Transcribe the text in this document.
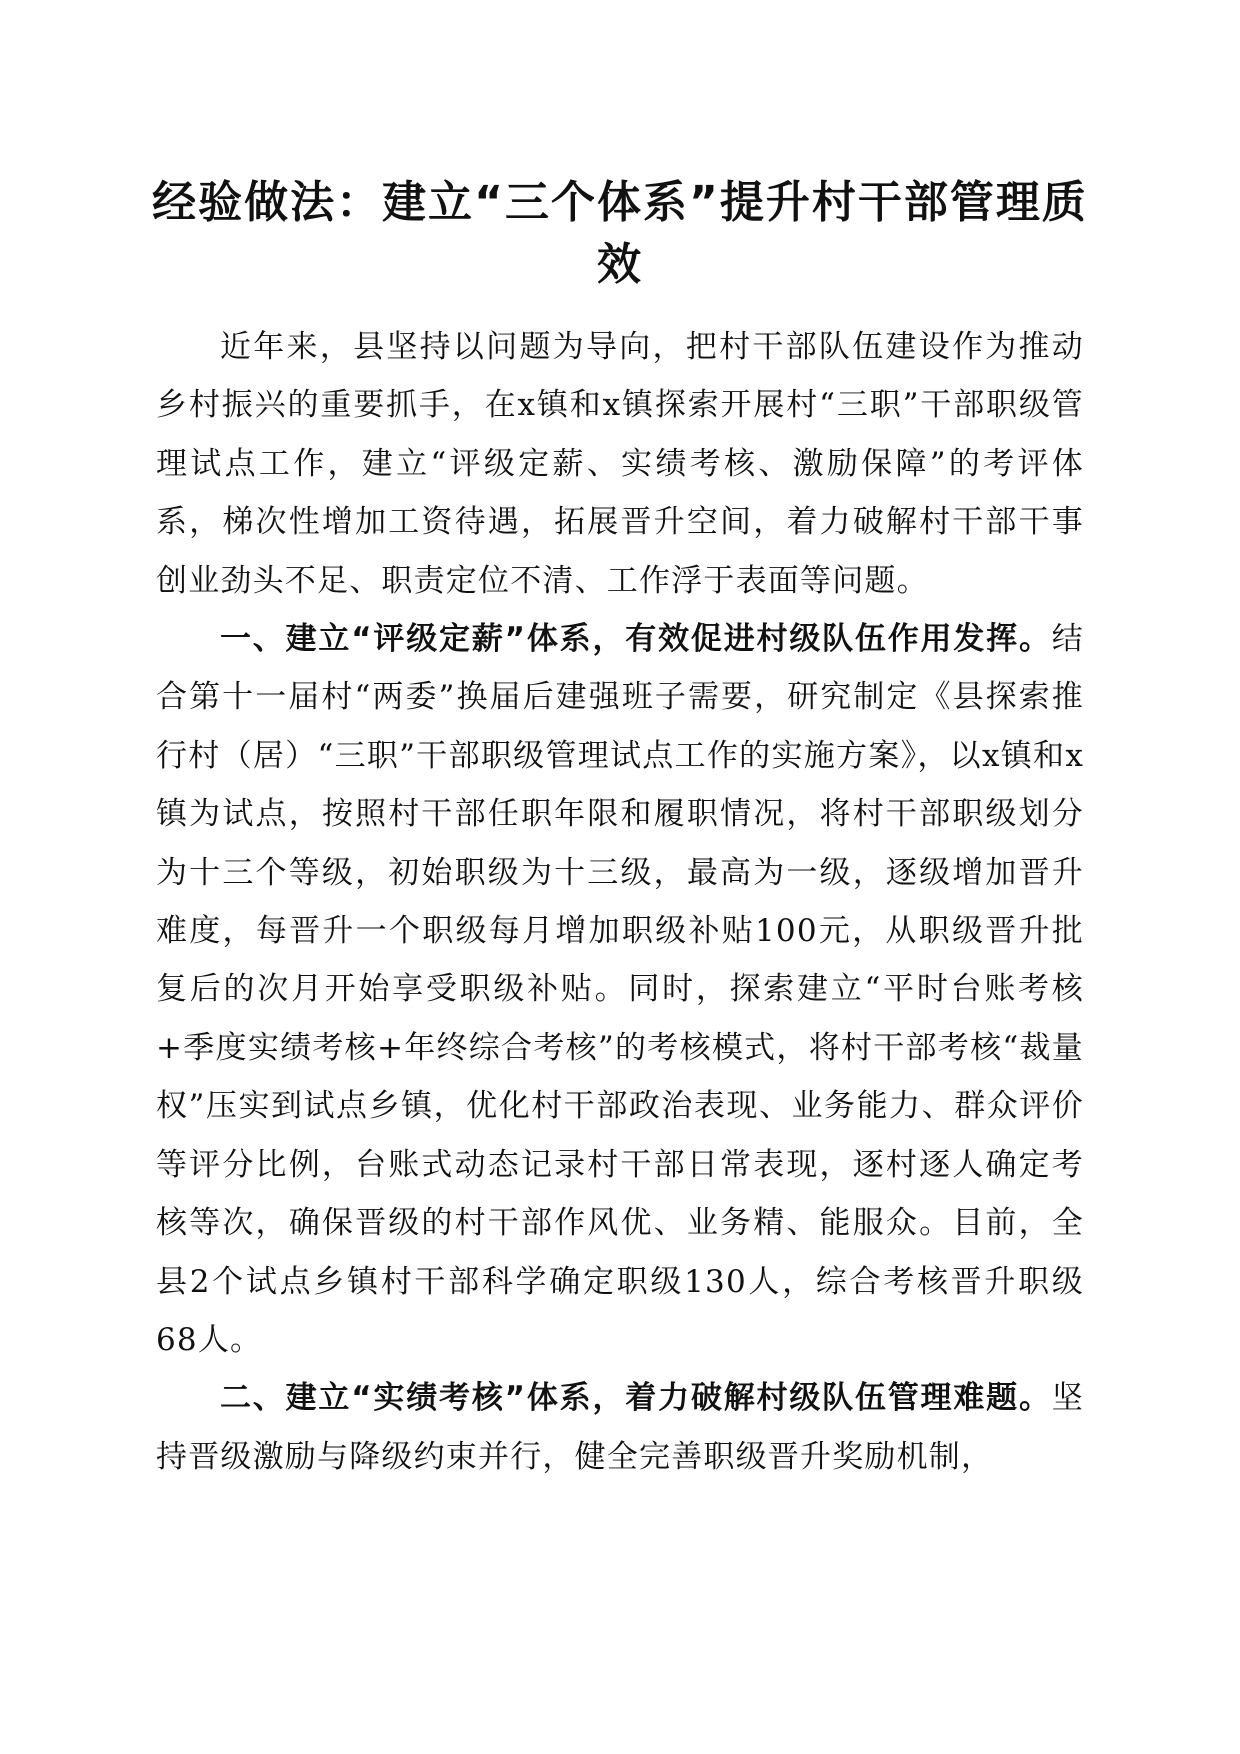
经验做法：建立“三个体系”提升村干部管理质效

近年来，县坚持以问题为导向，把村干部队伍建设作为推动乡村振兴的重要抓手，在x镇和x镇探索开展村“三职”干部职级管理试点工作，建立“评级定薪、实绩考核、激励保障”的考评体系，梯次性增加工资待遇，拓展晋升空间，着力破解村干部干事创业劲头不足、职责定位不清、工作浮于表面等问题。

一、建立“评级定薪”体系，有效促进村级队伍作用发挥。结合第十一届村“两委”换届后建强班子需要，研究制定《县探索推行村（居）“三职”干部职级管理试点工作的实施方案》，以x镇和x镇为试点，按照村干部任职年限和履职情况，将村干部职级划分为十三个等级，初始职级为十三级，最高为一级，逐级增加晋升难度，每晋升一个职级每月增加职级补贴100元，从职级晋升批复后的次月开始享受职级补贴。同时，探索建立“平时台账考核+季度实绩考核+年终综合考核”的考核模式，将村干部考核“裁量权”压实到试点乡镇，优化村干部政治表现、业务能力、群众评价等评分比例，台账式动态记录村干部日常表现，逐村逐人确定考核等次，确保晋级的村干部作风优、业务精、能服众。目前，全县2个试点乡镇村干部科学确定职级130人，综合考核晋升职级68人。

二、建立“实绩考核”体系，着力破解村级队伍管理难题。坚持晋级激励与降级约束并行，健全完善职级晋升奖励机制，
